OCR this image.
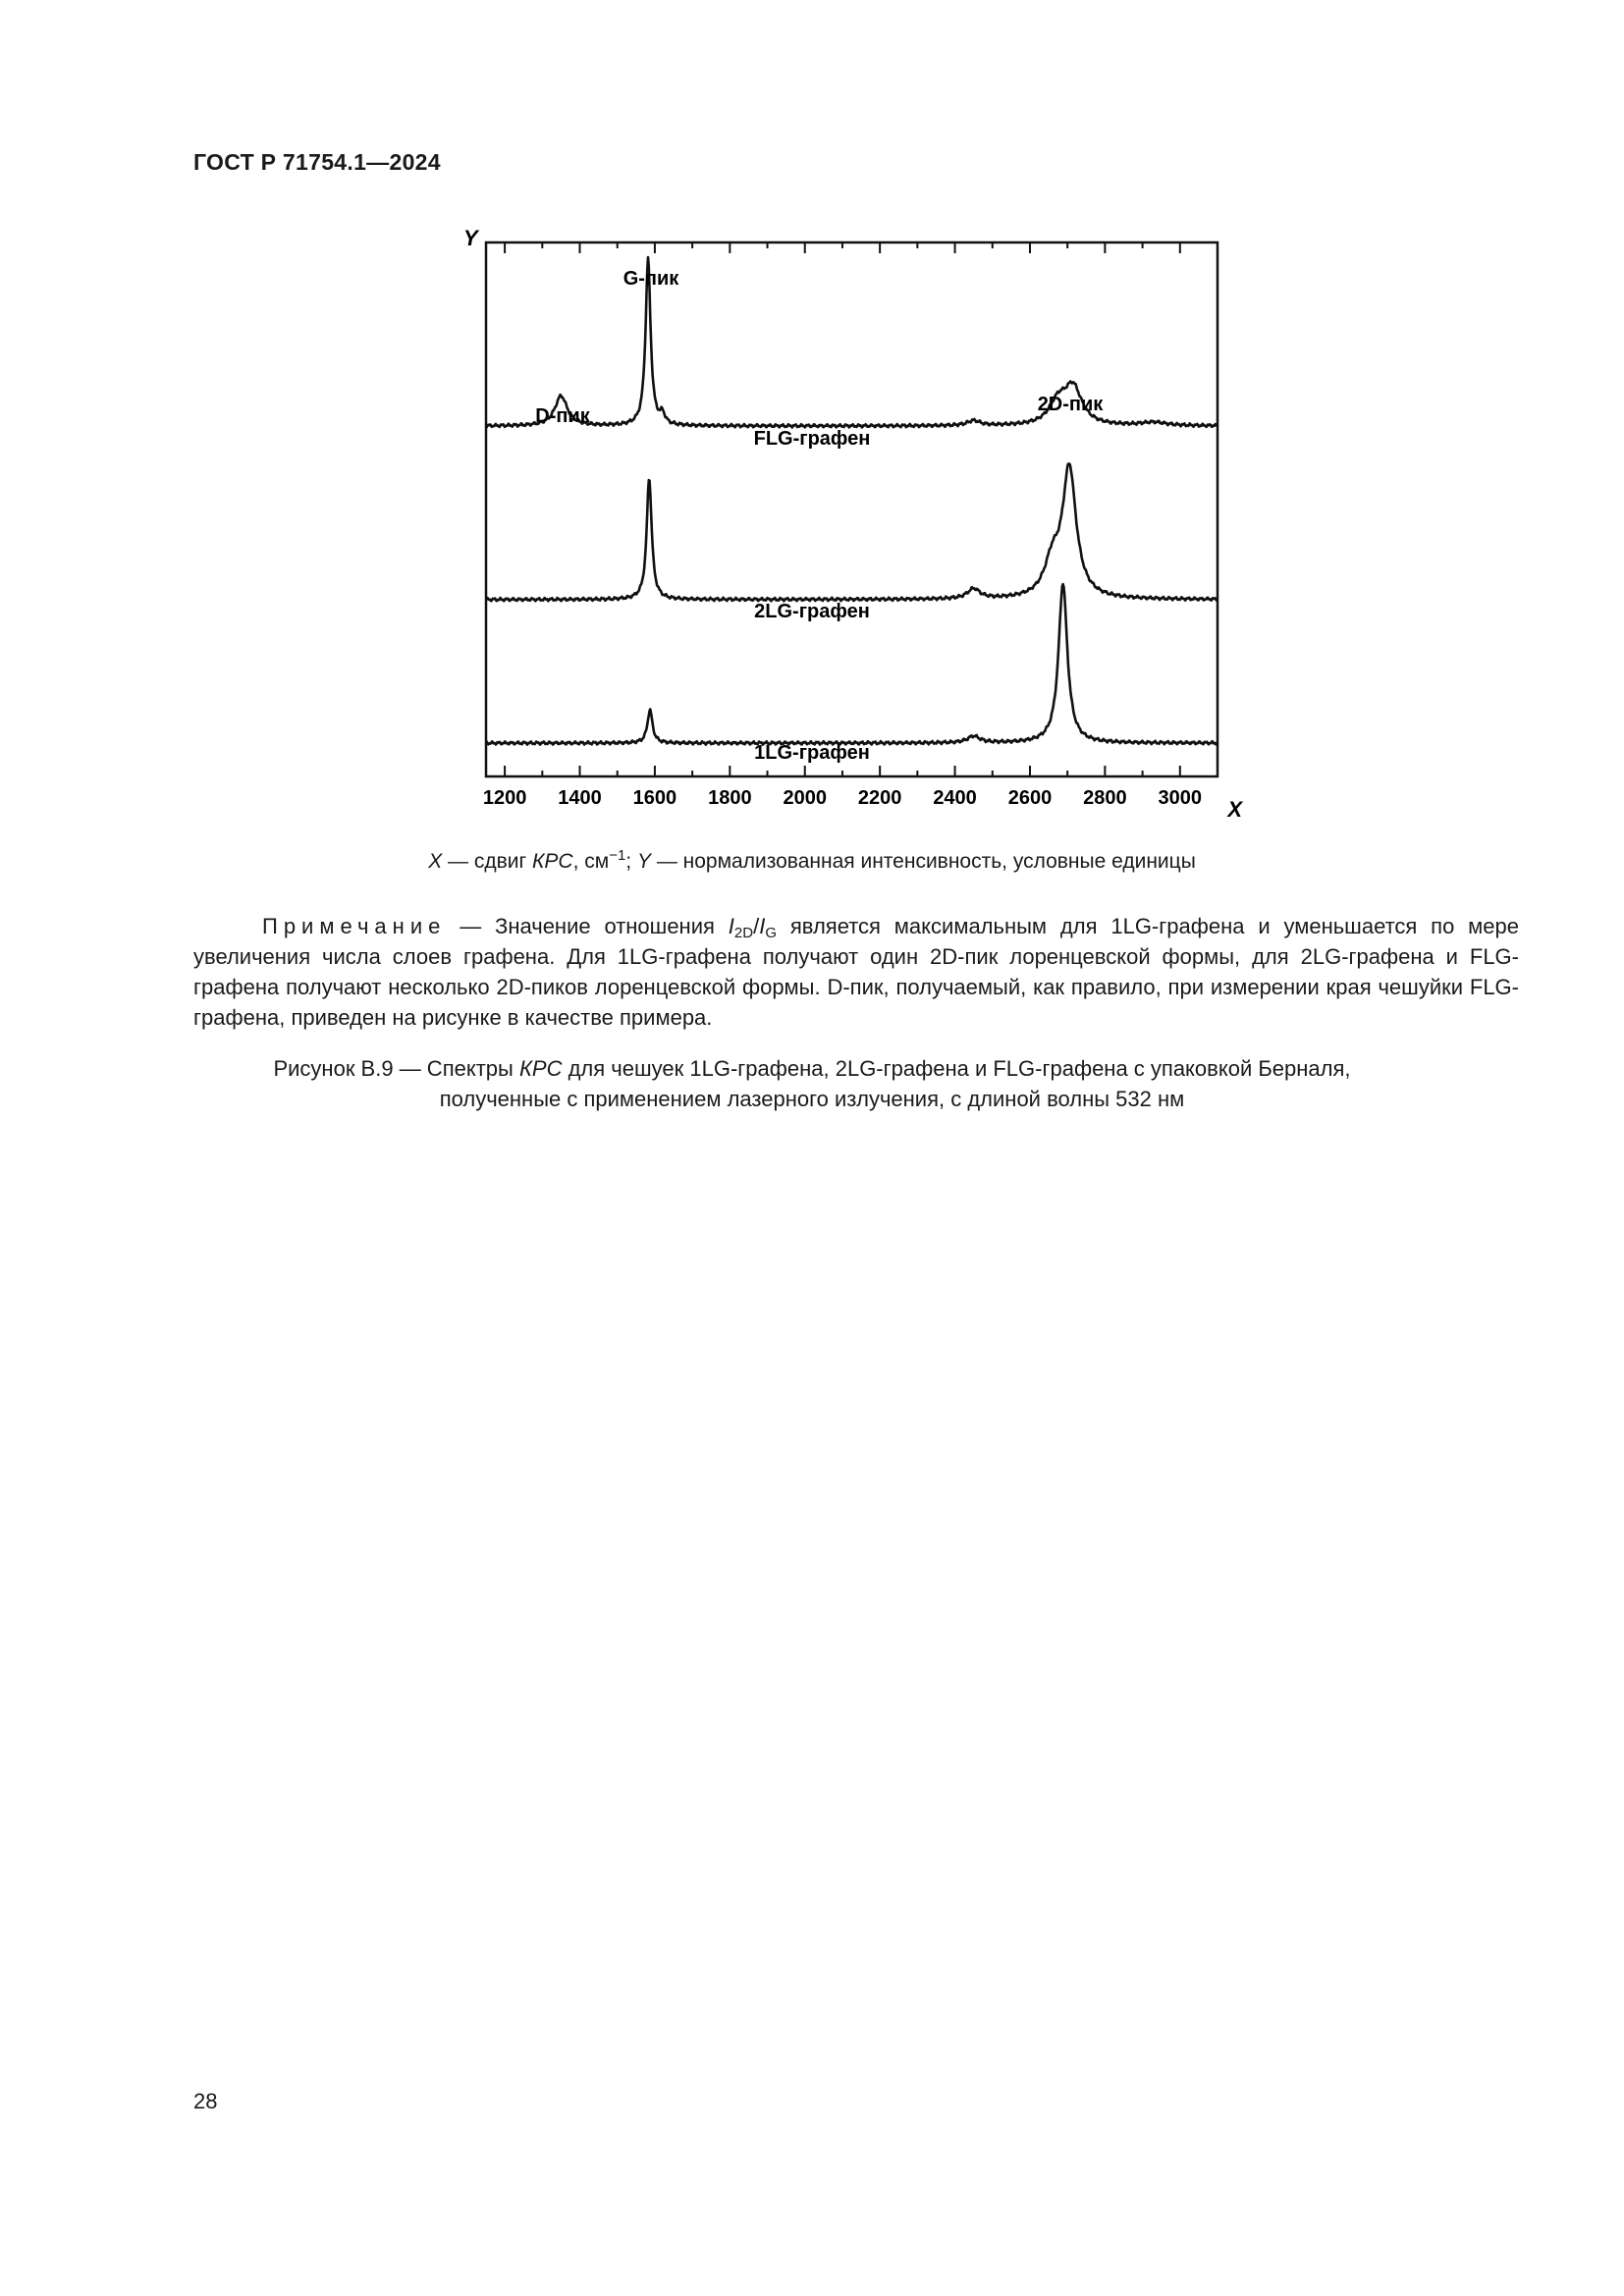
ГОСТ Р 71754.1—2024
1200 1400 1600 1800 2000 2200 2400 2600 2800 3000
Y
X
D-пик
G-пик
2D-пик
FLG-графен
2LG-графен
1LG-графен
X — сдвиг КРС, $см^{-1}$; Y — нормализованная интенсивность, условные единицы
Примечание — Значение отношения $I_{2D}/I_G$ является максимальным для 1LG-графена и уменьшается по мере увеличения числа слоев графена. Для 1LG-графена получают один 2D-пик лоренцевской формы, для 2LG-графена и FLG-графена получают несколько 2D-пиков лоренцевской формы. D-пик, получаемый, как правило, при измерении края чешуйки FLG-графена, приведен на рисунке в качестве примера.
Рисунок В.9 — Спектры КРС для чешуек 1LG-графена, 2LG-графена и FLG-графена с упаковкой Берналя,
полученные с применением лазерного излучения, с длиной волны 532 нм
28
